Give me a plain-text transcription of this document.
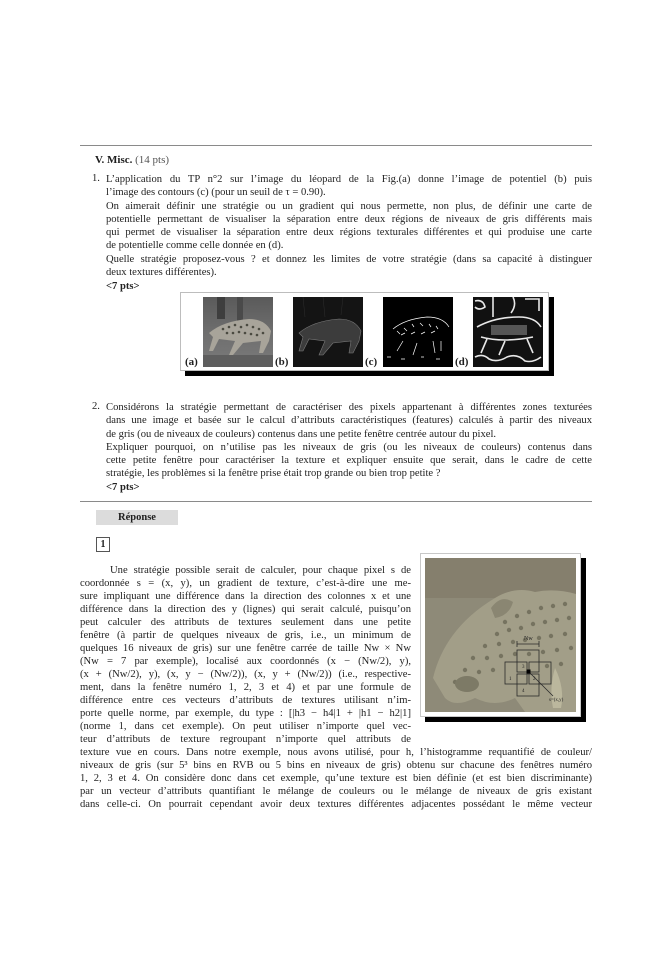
V. Misc. (14 pts)
1. L’application du TP n°2 sur l’image du léopard de la Fig.(a) donne l’image de potentiel (b) puis
l’image des contours (c) (pour un seuil de τ = 0.90).
On aimerait définir une stratégie ou un gradient qui nous permette, non plus, de définir une carte de
potentielle permettant de visualiser la séparation entre deux régions de niveaux de gris différents mais
qui permet de visualiser la séparation entre deux régions texturales différentes et qui produise une carte
de potentielle comme celle donnée en (d).
Quelle stratégie proposez-vous ? et donnez les limites de votre stratégie (dans sa capacité à distinguer
deux textures différentes).
<7 pts>
(a)	(b)	(c)	(d)
2. Considérons la stratégie permettant de caractériser des pixels appartenant à différentes zones texturées
dans une image et basée sur le calcul d’attributs caractéristiques (features) calculés à partir des niveaux
de gris (ou de niveaux de couleurs) contenus dans une petite fenêtre centrée autour du pixel.
Expliquer pourquoi, on n’utilise pas les niveaux de gris (ou les niveaux de couleurs) contenus dans
cette petite fenêtre pour caractériser la texture et expliquer ensuite que serait, dans le cadre de cette
stratégie, les problèmes si la fenêtre prise était trop grande ou bien trop petite ?
<7 pts>
Réponse
1
Une stratégie possible serait de calculer, pour chaque pixel s de
coordonnée s = (x, y), un gradient de texture, c’est-à-dire une me-
sure impliquant une différence dans la direction des colonnes x et une
différence dans la direction des y (lignes) qui serait calculé, puisqu’on
peut calculer des attributs de textures seulement dans une petite
fenêtre (à partir de quelques niveaux de gris, i.e., un minimum de
quelques 16 niveaux de gris) sur une fenêtre carrée de taille Nw × Nw
(Nw = 7 par exemple), localisé aux coordonnés (x − (Nw/2), y),
(x + (Nw/2), y), (x, y − (Nw/2)), (x, y + (Nw/2)) (i.e., respective-
ment, dans la fenêtre numéro 1, 2, 3 et 4) et par une formule de
différence entre ces vecteurs d’attributs de textures utilisant n’im-
porte quelle norme, par exemple, du type : [|h3 − h4|1 + |h1 − h2|1]
(norme 1, dans cet exemple). On peut utiliser n’importe quel vec-
teur d’attributs de texture regroupant n’importe quel attributs de
texture vue en cours. Dans notre exemple, nous avons utilisé, pour h, l’histogramme requantifié de couleur/
niveaux de gris (sur 5³ bins en RVB ou 5 bins en niveaux de gris) obtenu sur chacune des fenêtres numéro
1, 2, 3 et 4. On considère donc dans cet exemple, qu’une texture est bien définie (et est bien discriminante)
par un vecteur d’attributs quantifiant le mélange de couleurs ou le mélange de niveaux de gris existant
dans celle-ci. On pourrait cependant avoir deux textures différentes adjacentes possédant le même vecteur
Nw
1	2
3
4
s=(x,y)
